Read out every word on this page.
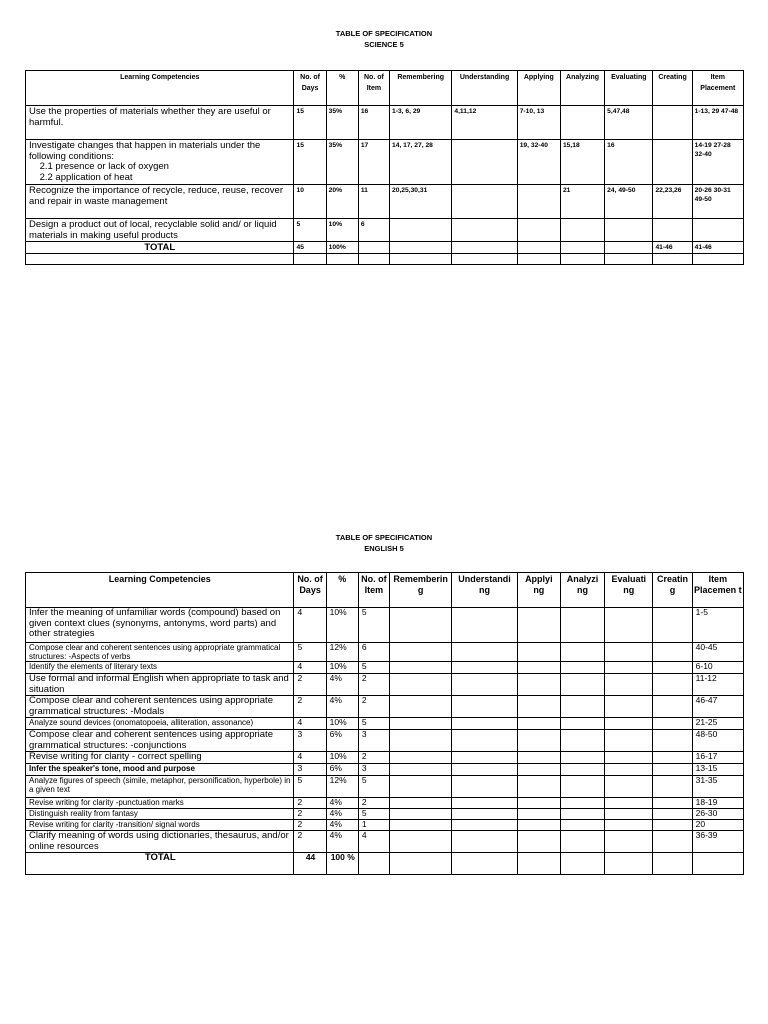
TABLE OF SPECIFICATION
SCIENCE 5
Learning Competencies	No. of Days	%	No. of Item	Remembering	Understanding	Applying	Analyzing	Evaluating	Creating	Item Placement
Use the properties of materials whether they are useful or harmful.	15	35%	16	1-3, 6, 29	4,11,12	7-10, 13		5,47,48		1-13, 29 47-48
Investigate changes that happen in materials under the following conditions:
2.1 presence or lack of oxygen
2.2 application of heat	15	35%	17	14, 17, 27, 28		19, 32-40	15,18	16		14-19 27-28 32-40
Recognize the importance of recycle, reduce, reuse, recover and repair in waste management	10	20%	11	20,25,30,31			21	24, 49-50	22,23,26	20-26 30-31 49-50
Design a product out of local, recyclable solid and/ or liquid materials in making useful products	5	10%	6							
TOTAL	45	100%							41-46	41-46

TABLE OF SPECIFICATION
ENGLISH 5
Learning Competencies	No. of Days	%	No. of Item	Rememberin g	Understandi ng	Applyi ng	Analyzi ng	Evaluati ng	Creatin g	Item Placemen t
Infer the meaning of unfamiliar words (compound) based on given context clues (synonyms, antonyms, word parts) and other strategies	4	10%	5							1-5
Compose clear and coherent sentences using appropriate grammatical structures: -Aspects of verbs	5	12%	6							40-45
Identify the elements of literary texts	4	10%	5							6-10
Use formal and informal English when appropriate to task and situation	2	4%	2							11-12
Compose clear and coherent sentences using appropriate grammatical structures: -Modals	2	4%	2							46-47
Analyze sound devices (onomatopoeia, alliteration, assonance)	4	10%	5							21-25
Compose clear and coherent sentences using appropriate grammatical structures: -conjunctions	3	6%	3							48-50
Revise writing for clarity - correct spelling	4	10%	2							16-17
Infer the speaker's tone, mood and purpose	3	6%	3							13-15
Analyze figures of speech (simile, metaphor, personification, hyperbole) in a given text	5	12%	5							31-35
Revise writing for clarity -punctuation marks	2	4%	2							18-19
Distinguish reality from fantasy	2	4%	5							26-30
Revise writing for clarity -transition/ signal words	2	4%	1							20
Clarify meaning of words using dictionaries, thesaurus, and/or online resources	2	4%	4							36-39
TOTAL	44	100 %								
